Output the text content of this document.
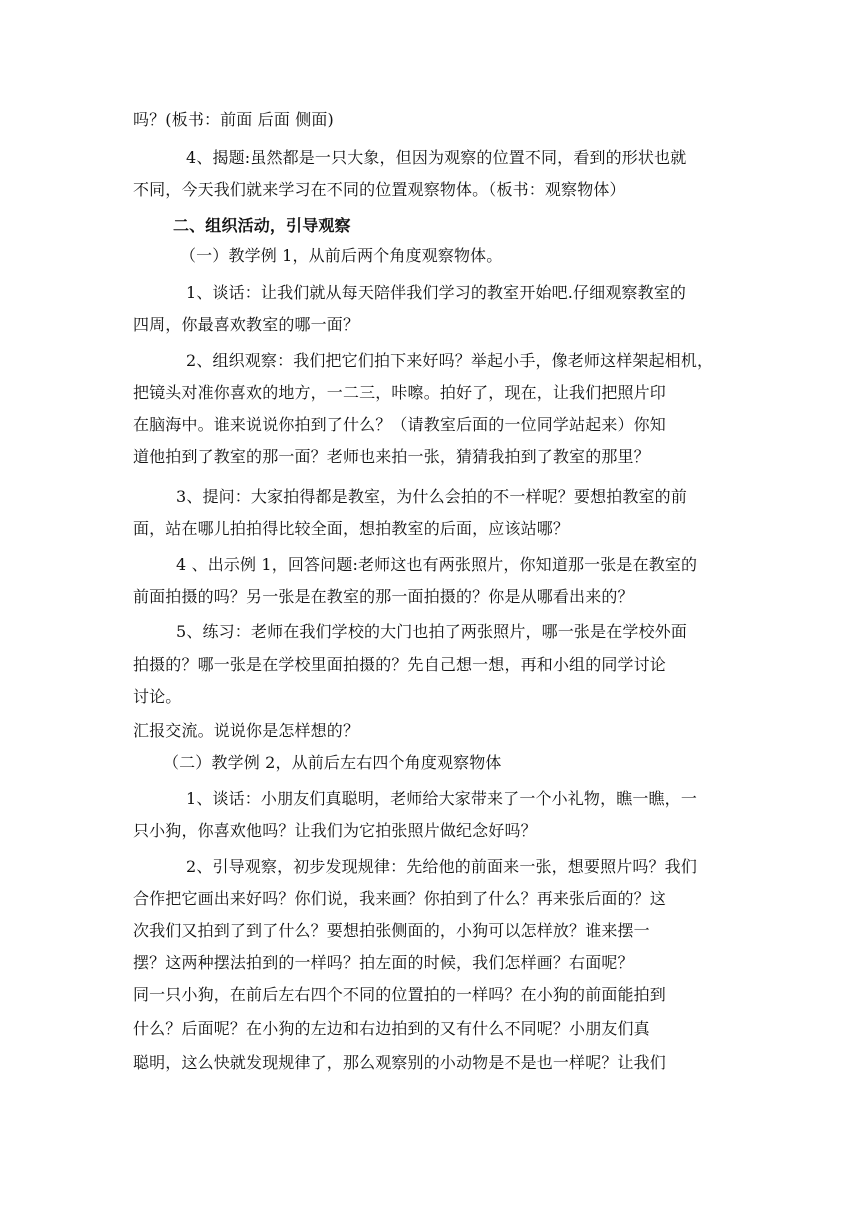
吗？(板书：前面 后面 侧面)
4、揭题:虽然都是一只大象，但因为观察的位置不同，看到的形状也就
不同，今天我们就来学习在不同的位置观察物体。（板书：观察物体）
二、组织活动，引导观察
（一）教学例 1，从前后两个角度观察物体。
1、谈话：让我们就从每天陪伴我们学习的教室开始吧.仔细观察教室的
四周，你最喜欢教室的哪一面？
2、组织观察：我们把它们拍下来好吗？举起小手，像老师这样架起相机，
把镜头对准你喜欢的地方，一二三，咔嚓。拍好了，现在，让我们把照片印
在脑海中。谁来说说你拍到了什么？（请教室后面的一位同学站起来）你知
道他拍到了教室的那一面？老师也来拍一张，猜猜我拍到了教室的那里？
3、提问：大家拍得都是教室，为什么会拍的不一样呢？要想拍教室的前
面，站在哪儿拍拍得比较全面，想拍教室的后面，应该站哪？
4 、出示例 1，回答问题:老师这也有两张照片，你知道那一张是在教室的
前面拍摄的吗？另一张是在教室的那一面拍摄的？你是从哪看出来的？
5、练习：老师在我们学校的大门也拍了两张照片，哪一张是在学校外面
拍摄的？哪一张是在学校里面拍摄的？先自己想一想，再和小组的同学讨论
讨论。
汇报交流。说说你是怎样想的？
（二）教学例 2，从前后左右四个角度观察物体
1、谈话：小朋友们真聪明，老师给大家带来了一个小礼物，瞧一瞧，一
只小狗，你喜欢他吗？让我们为它拍张照片做纪念好吗？
2、引导观察，初步发现规律：先给他的前面来一张，想要照片吗？我们
合作把它画出来好吗？你们说，我来画？你拍到了什么？再来张后面的？这
次我们又拍到了到了什么？要想拍张侧面的，小狗可以怎样放？谁来摆一
摆？这两种摆法拍到的一样吗？拍左面的时候，我们怎样画？右面呢？
同一只小狗，在前后左右四个不同的位置拍的一样吗？在小狗的前面能拍到
什么？后面呢？在小狗的左边和右边拍到的又有什么不同呢？小朋友们真
聪明，这么快就发现规律了，那么观察别的小动物是不是也一样呢？让我们
